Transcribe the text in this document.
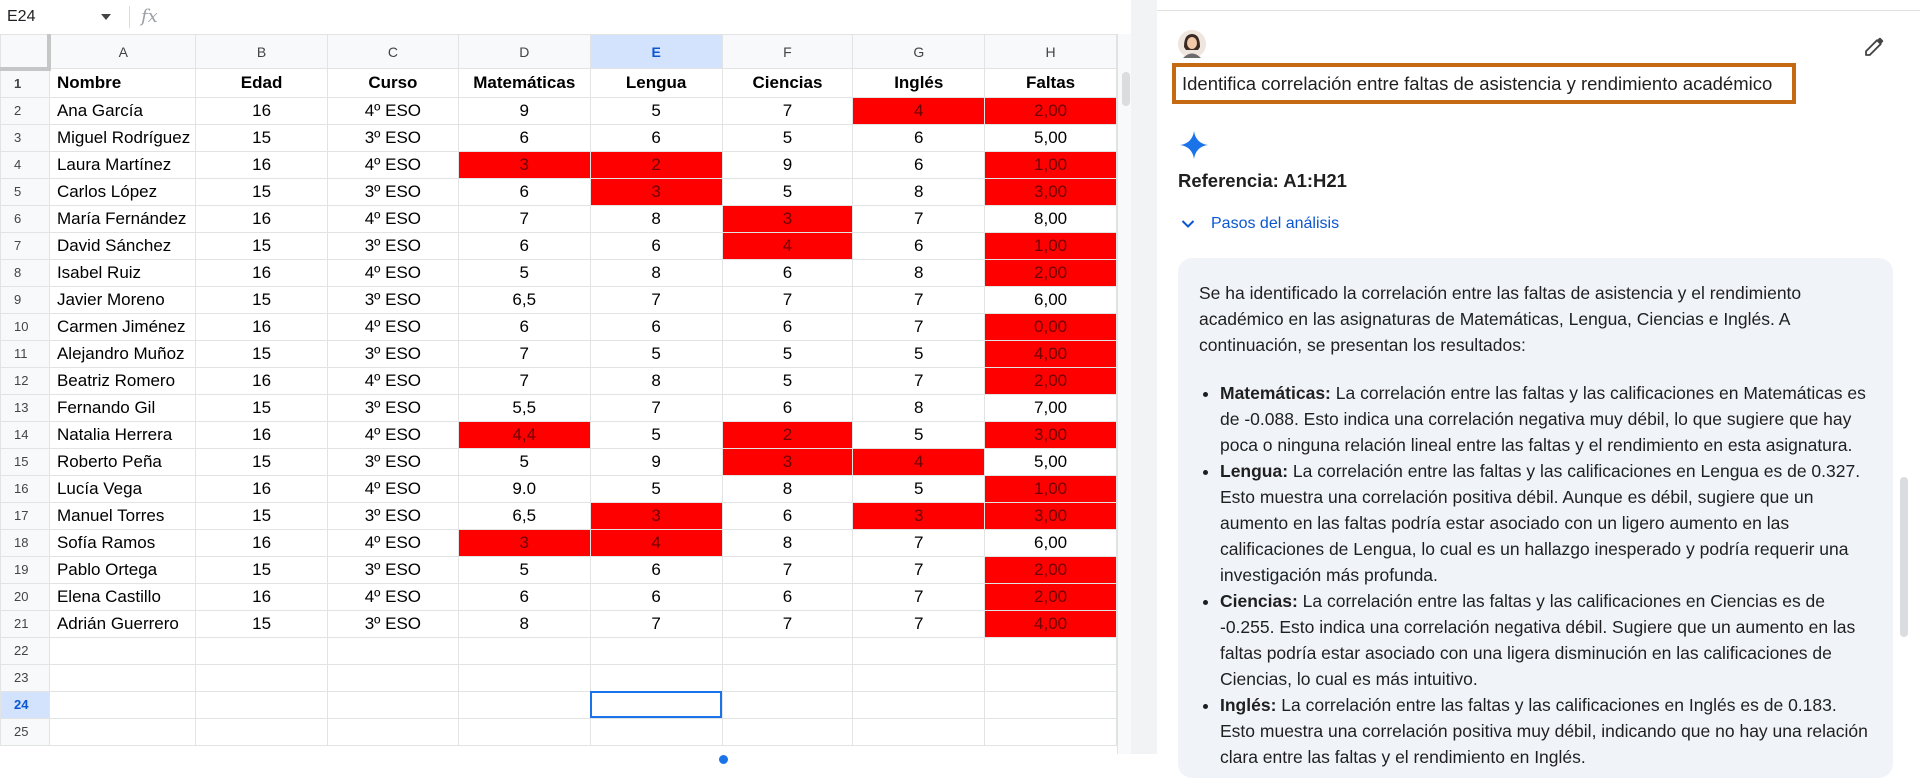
E24	fx
	A	B	C	D	E	F	G	H
1	Nombre	Edad	Curso	Matemáticas	Lengua	Ciencias	Inglés	Faltas
2	Ana García	16	4º ESO	9	5	7	4	2,00
3	Miguel Rodríguez	15	3º ESO	6	6	5	6	5,00
4	Laura Martínez	16	4º ESO	3	2	9	6	1,00
5	Carlos López	15	3º ESO	6	3	5	8	3,00
6	María Fernández	16	4º ESO	7	8	3	7	8,00
7	David Sánchez	15	3º ESO	6	6	4	6	1,00
8	Isabel Ruiz	16	4º ESO	5	8	6	8	2,00
9	Javier Moreno	15	3º ESO	6,5	7	7	7	6,00
10	Carmen Jiménez	16	4º ESO	6	6	6	7	0,00
11	Alejandro Muñoz	15	3º ESO	7	5	5	5	4,00
12	Beatriz Romero	16	4º ESO	7	8	5	7	2,00
13	Fernando Gil	15	3º ESO	5,5	7	6	8	7,00
14	Natalia Herrera	16	4º ESO	4,4	5	2	5	3,00
15	Roberto Peña	15	3º ESO	5	9	3	4	5,00
16	Lucía Vega	16	4º ESO	9.0	5	8	5	1,00
17	Manuel Torres	15	3º ESO	6,5	3	6	3	3,00
18	Sofía Ramos	16	4º ESO	3	4	8	7	6,00
19	Pablo Ortega	15	3º ESO	5	6	7	7	2,00
20	Elena Castillo	16	4º ESO	6	6	6	7	2,00
21	Adrián Guerrero	15	3º ESO	8	7	7	7	4,00
22								
23								
24								
25								
Identifica correlación entre faltas de asistencia y rendimiento académico
Referencia: A1:H21
Pasos del análisis

Se ha identificado la correlación entre las faltas de asistencia y el rendimiento académico en las asignaturas de Matemáticas, Lengua, Ciencias e Inglés. A continuación, se presentan los resultados:

• Matemáticas: La correlación entre las faltas y las calificaciones en Matemáticas es de -0.088. Esto indica una correlación negativa muy débil, lo que sugiere que hay poca o ninguna relación lineal entre las faltas y el rendimiento en esta asignatura.
• Lengua: La correlación entre las faltas y las calificaciones en Lengua es de 0.327. Esto muestra una correlación positiva débil. Aunque es débil, sugiere que un aumento en las faltas podría estar asociado con un ligero aumento en las calificaciones de Lengua, lo cual es un hallazgo inesperado y podría requerir una investigación más profunda.
• Ciencias: La correlación entre las faltas y las calificaciones en Ciencias es de -0.255. Esto indica una correlación negativa débil. Sugiere que un aumento en las faltas podría estar asociado con una ligera disminución en las calificaciones de Ciencias, lo cual es más intuitivo.
• Inglés: La correlación entre las faltas y las calificaciones en Inglés es de 0.183. Esto muestra una correlación positiva muy débil, indicando que no hay una relación clara entre las faltas y el rendimiento en Inglés.
